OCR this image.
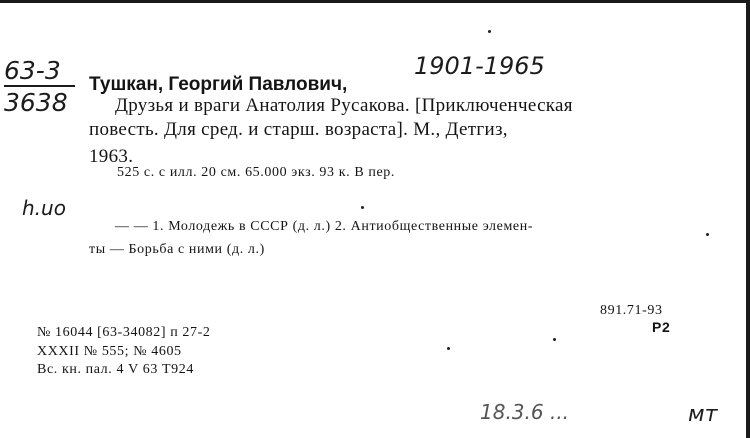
63-3
3638
1901-1965
Тушкан, Георгий Павлович,
Друзья и враги Анатолия Русакова. [Приключенческая
повесть. Для сред. и старш. возраста]. М., Детгиз,
1963.
525 с. с илл. 20 см. 65.000 экз. 93 к. В пер.
h.uo
— — 1. Молодежь в СССР (д. л.) 2. Антиобщественные элемен-
ты — Борьба с ними (д. л.)
891.71-93
Р2
№ 16044 [63-34082] п 27-2
XXXII № 555; № 4605
Вс. кн. пал. 4 V 63 Т924
18.3.6 ...	мт
